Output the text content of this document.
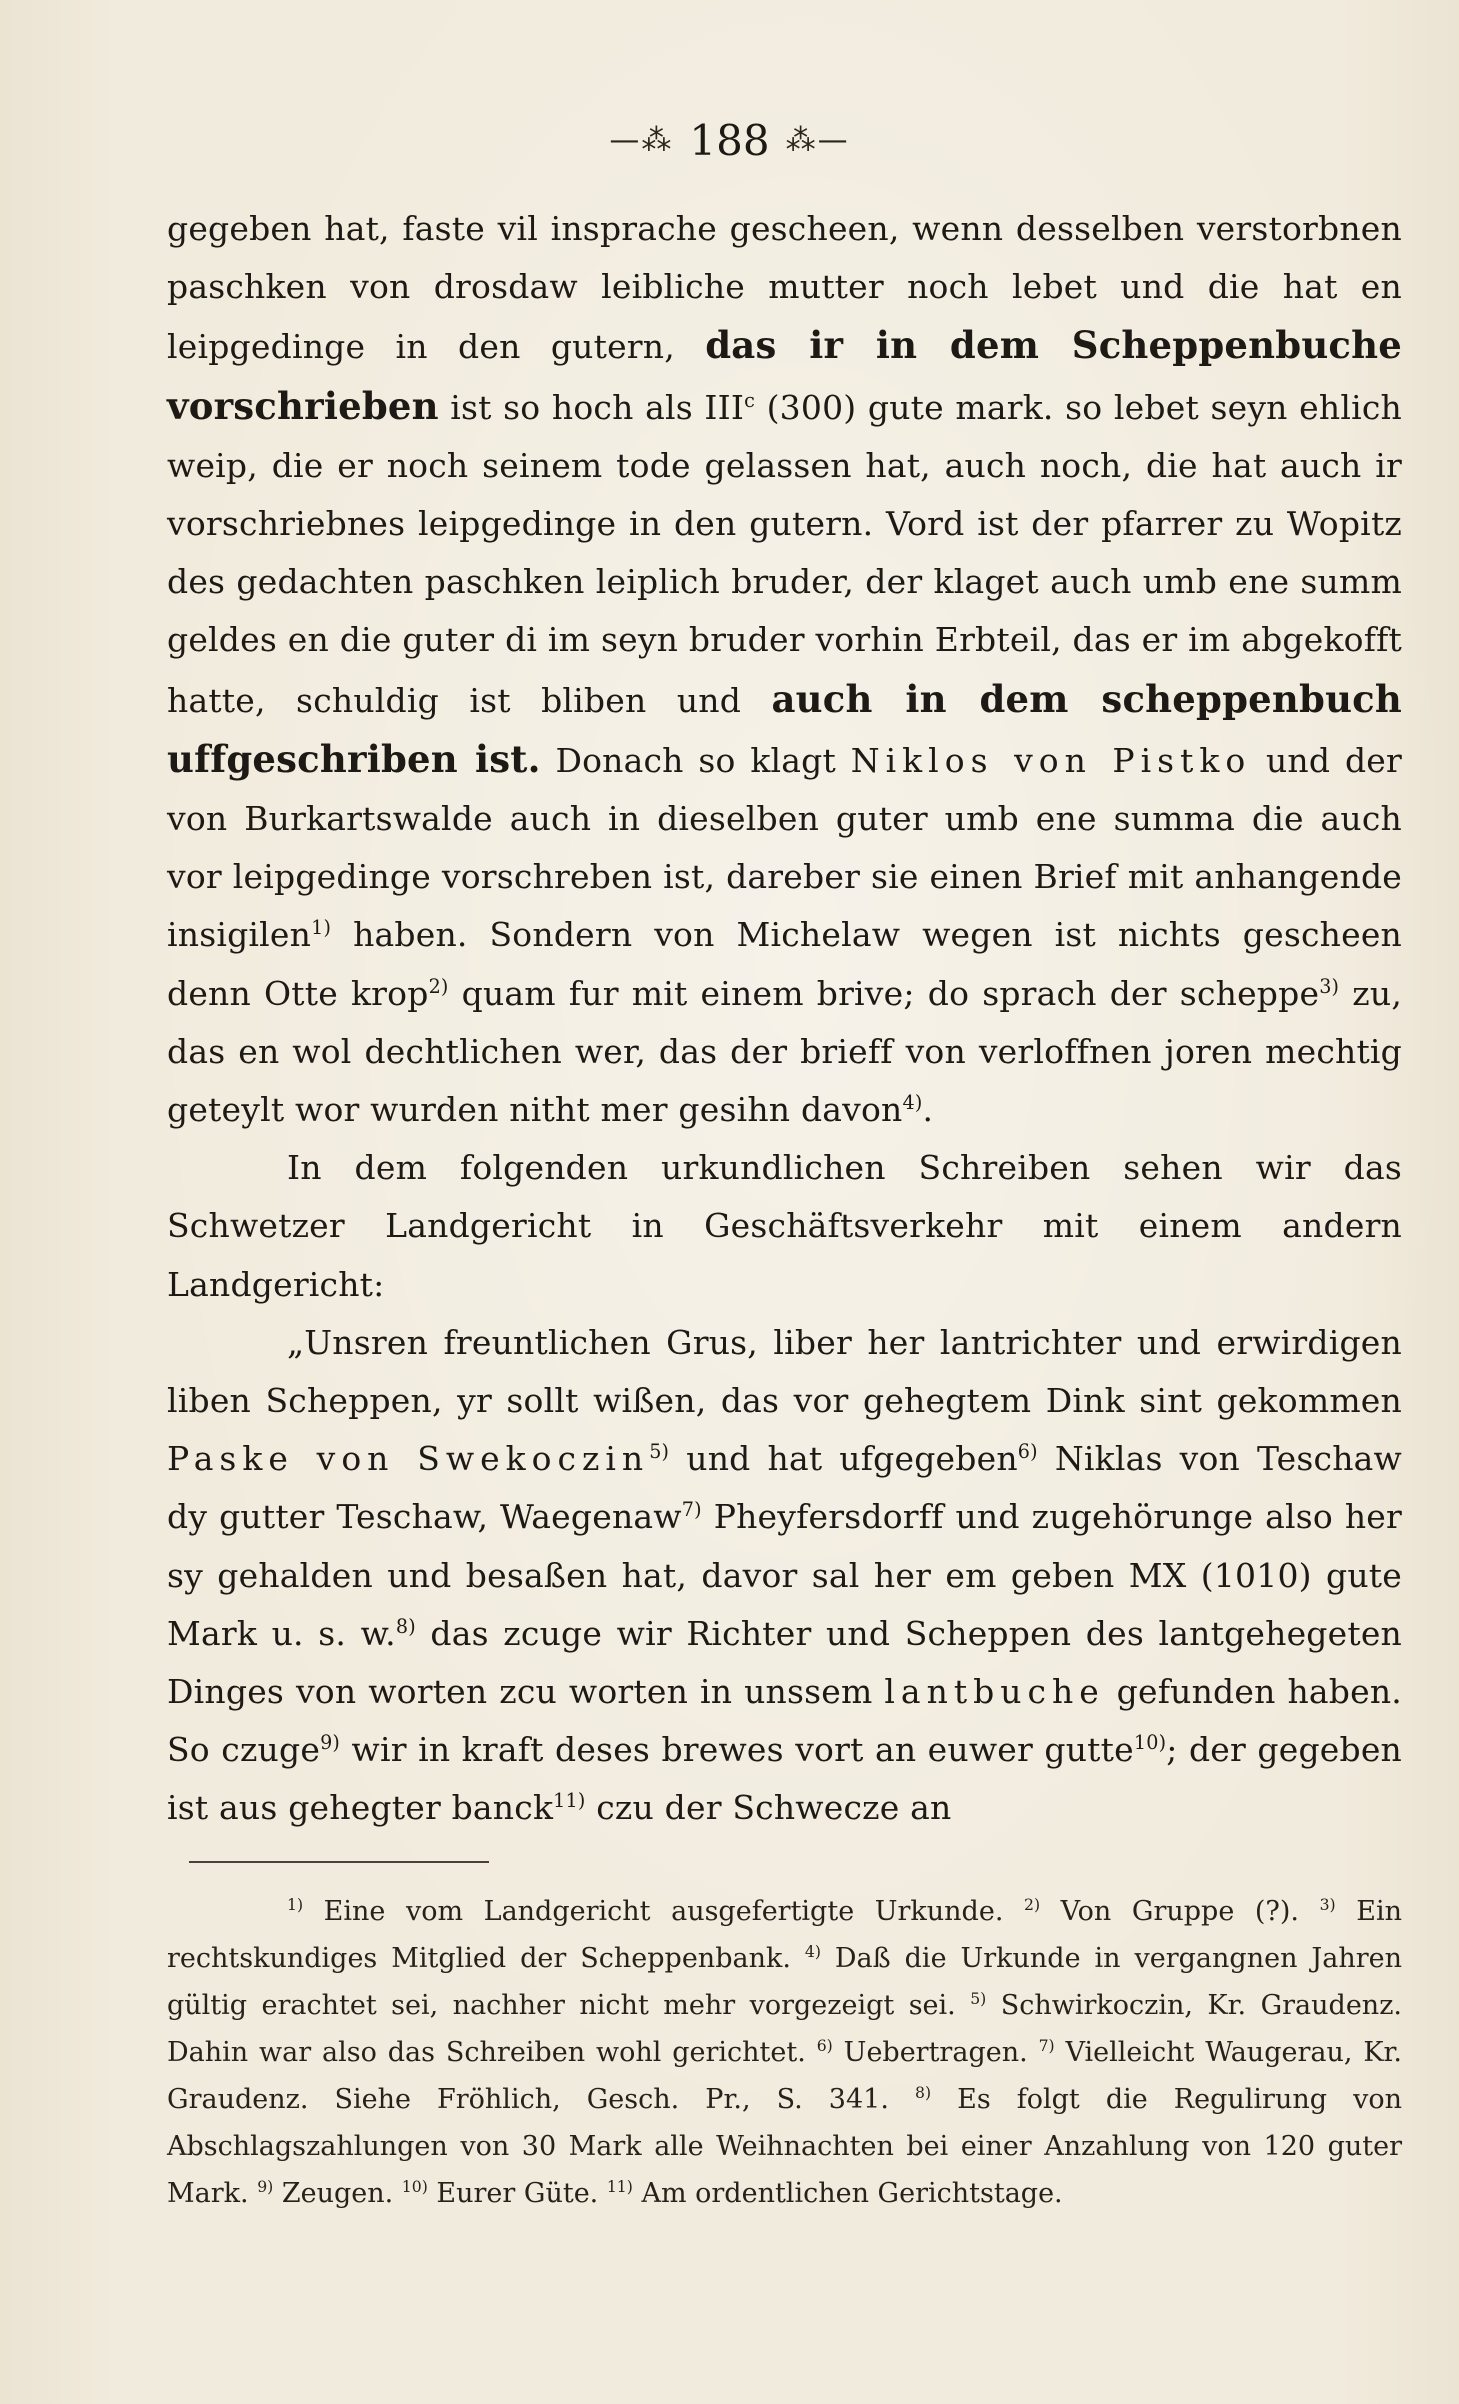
—⁂ 188 ⁂—

gegeben hat, faste vil insprache geschеen, wenn desselben verstorbnen paschken von drosdaw leibliche mutter noch lebet und die hat en leipgedinge in den gutern, das ir in dem Scheppenbuche vorschrieben ist so hoch als III$^c$ (300) gute mark. so lebet seyn ehlich weip, die er noch seinem tode gelassen hat, auch noch, die hat auch ir vorschriebnes leipgedinge in den gutern. Vord ist der pfarrer zu Wopitz des gedachten paschken leiplich bruder, der klaget auch umb ene summ geldes en die guter di im seyn bruder vorhin Erbteil, das er im abgekofft hatte, schuldig ist bliben und auch in dem scheppenbuch uffgeschriben ist. Donach so klagt Niklos von Pistko und der von Burkartswalde auch in dieselben guter umb ene summa die auch vor leipgedinge vorschreben ist, dareber sie einen Brief mit anhangende insigilen$^{1)}$ haben. Sondern von Michelaw wegen ist nichts geschеen denn Otte krop$^{2)}$ quam fur mit einem brive; do sprach der scheppe$^{3)}$ zu, das en wol dechtlichen wer, das der brieff von verloffnen joren mechtig geteylt wor wurden nitht mer gesihn davon$^{4)}$.

In dem folgenden urkundlichen Schreiben sehen wir das Schwetzer Landgericht in Geschäftsverkehr mit einem andern Landgericht:

„Unsren freuntlichen Grus, liber her lantrichter und erwirdigen liben Scheppen, yr sollt wißen, das vor gehegtem Dink sint gekommen Paske von Swekoczin$^{5)}$ und hat ufgegeben$^{6)}$ Niklas von Teschaw dy gutter Teschaw, Waegenaw$^{7)}$ Pheyfersdorff und zugehörunge also her sy gehalden und besaßen hat, davor sal her em geben MX (1010) gute Mark u. s. w.$^{8)}$ das zcuge wir Richter und Scheppen des lantgehegeten Dinges von worten zcu worten in unssem lantbuche gefunden haben. So czuge$^{9)}$ wir in kraft deses brewes vort an euwer gutte$^{10)}$; der gegeben ist aus gehegter banck$^{11)}$ czu der Schwecze an

$^{1)}$ Eine vom Landgericht ausgefertigte Urkunde. $^{2)}$ Von Gruppe (?). $^{3)}$ Ein rechtskundiges Mitglied der Scheppenbank. $^{4)}$ Daß die Urkunde in vergangnen Jahren gültig erachtet sei, nachher nicht mehr vorgezeigt sei. $^{5)}$ Schwirkoczin, Kr. Graudenz. Dahin war also das Schreiben wohl gerichtet. $^{6)}$ Uebertragen. $^{7)}$ Vielleicht Waugerau, Kr. Graudenz. Siehe Fröhlich, Gesch. Pr., S. 341. $^{8)}$ Es folgt die Regulirung von Abschlagszahlungen von 30 Mark alle Weihnachten bei einer Anzahlung von 120 guter Mark. $^{9)}$ Zeugen. $^{10)}$ Eurer Güte. $^{11)}$ Am ordentlichen Gerichtstage.
